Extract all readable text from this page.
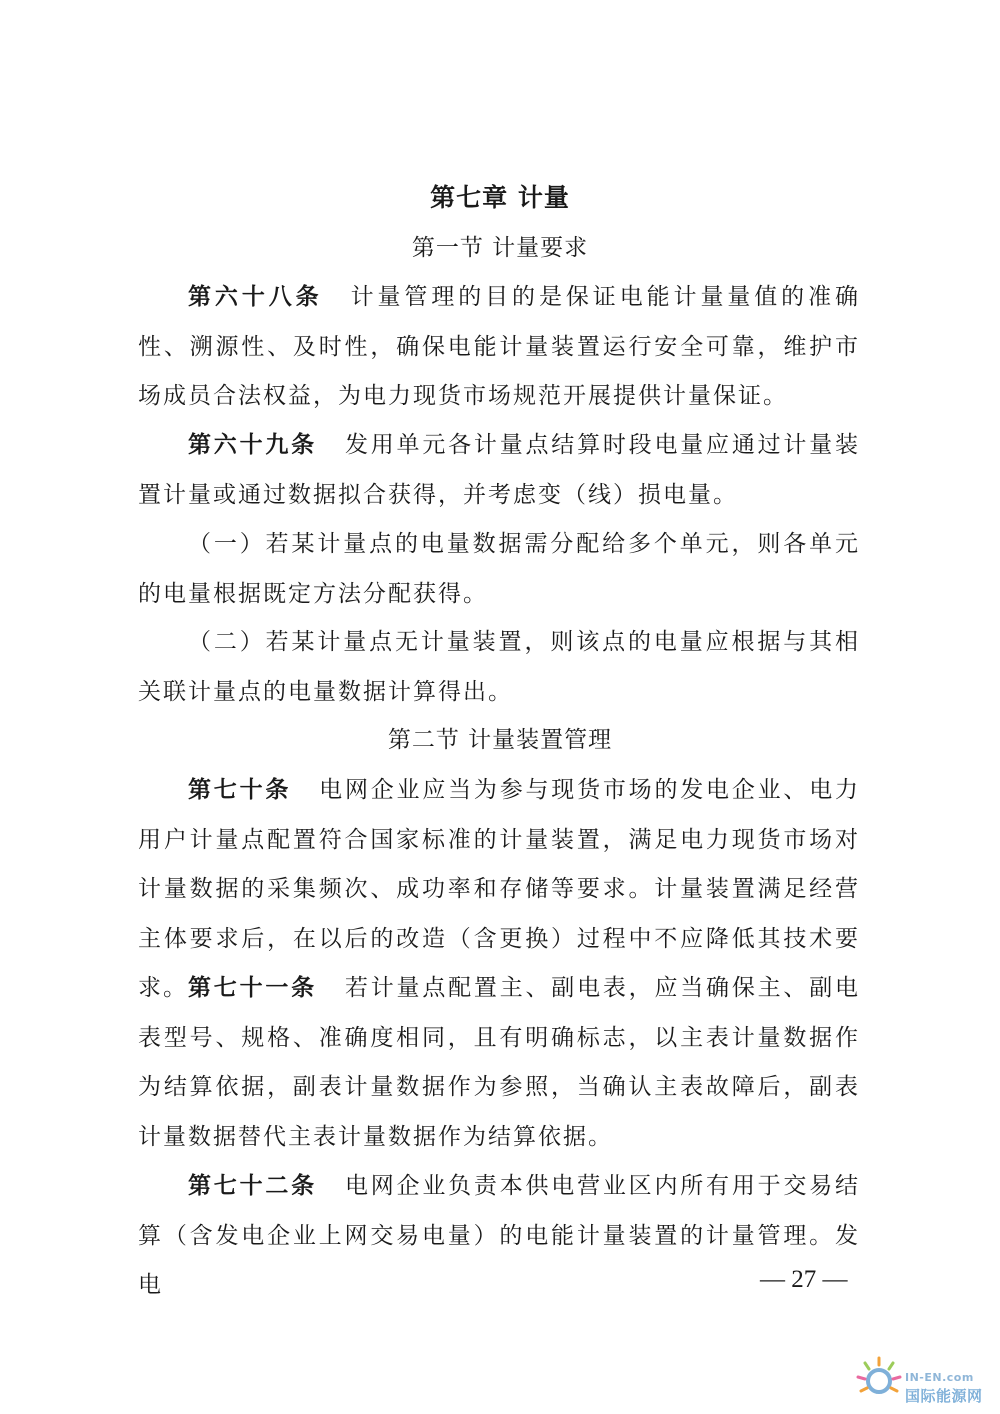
第七章 计量
第一节 计量要求

第六十八条 计量管理的目的是保证电能计量量值的准确性、溯源性、及时性，确保电能计量装置运行安全可靠，维护市场成员合法权益，为电力现货市场规范开展提供计量保证。

第六十九条 发用单元各计量点结算时段电量应通过计量装置计量或通过数据拟合获得，并考虑变（线）损电量。

（一）若某计量点的电量数据需分配给多个单元，则各单元的电量根据既定方法分配获得。

（二）若某计量点无计量装置，则该点的电量应根据与其相关联计量点的电量数据计算得出。

第二节 计量装置管理

第七十条 电网企业应当为参与现货市场的发电企业、电力用户计量点配置符合国家标准的计量装置，满足电力现货市场对计量数据的采集频次、成功率和存储等要求。计量装置满足经营主体要求后，在以后的改造（含更换）过程中不应降低其技术要求。 第七十一条 若计量点配置主、副电表，应当确保主、副电表型号、规格、准确度相同，且有明确标志，以主表计量数据作为结算依据，副表计量数据作为参照，当确认主表故障后，副表计量数据替代主表计量数据作为结算依据。

第七十二条 电网企业负责本供电营业区内所有用于交易结算（含发电企业上网交易电量）的电能计量装置的计量管理。发电	— 27 —
IN-EN.com
国际能源网
